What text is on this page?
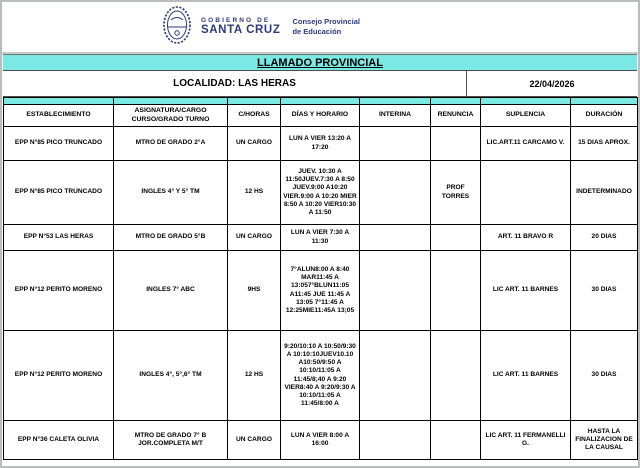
GOBIERNO DE
SANTA CRUZ
Consejo Provincial
de Educación
LLAMADO PROVINCIAL
LOCALIDAD: LAS HERAS	22/04/2026

ESTABLECIMIENTO	ASIGNATURA/CARGO CURSO/GRADO TURNO	C/HORAS	DÍAS Y HORARIO	INTERINA	RENUNCIA	SUPLENCIA	DURACIÓN
EPP N°85 PICO TRUNCADO	MTRO DE GRADO 2°A	UN CARGO	LUN A VIER 13:20 A 17:20			LIC.ART.11 CARCAMO V.	15 DIAS APROX.
EPP N°85 PICO TRUNCADO	INGLES 4° Y 5° TM	12 HS	JUEV. 10:30 A 11:50JUEV.7:30 A 8:50 JUEV.9:00 A10:20 VIER.9:00 A 10:20 MIER 8:50 A 10:20 VIER10:30 A 11:50		PROF TORRES		INDETERMINADO
EPP N°53 LAS HERAS	MTRO DE GRADO 5°B	UN CARGO	LUN A VIER 7:30 A 11:30			ART. 11 BRAVO R	20 DIAS
EPP N°12 PERITO MORENO	INGLES 7° ABC	9HS	7°ALUN8:00 A 8:40 MAR11:45 A 13:057°BLUN11:05 A11:45 JUE 11:45 A 13:05 7°11:45 A 12:25MIE11:45A 13;05			LIC ART. 11 BARNES	30 DIAS
EPP N°12 PERITO MORENO	INGLES 4°, 5°,6° TM	12 HS	9:20/10:10 A 10:50/9:30 A 10:10:10JUEV10.10 A10:50/9:50 A 10:10/11:05 A 11:45/8;40 A 9:20 VIER8:40 A 9:20/9:30 A 10:10/11:05 A 11:45/8:00 A			LIC ART. 11 BARNES	30 DIAS
EPP N°36 CALETA OLIVIA	MTRO DE GRADO 7° B JOR.COMPLETA M/T	UN CARGO	LUN A VIER 8:00 A 16:00			LIC ART. 11 FERMANELLI G.	HASTA LA FINALIZACION DE LA CAUSAL
